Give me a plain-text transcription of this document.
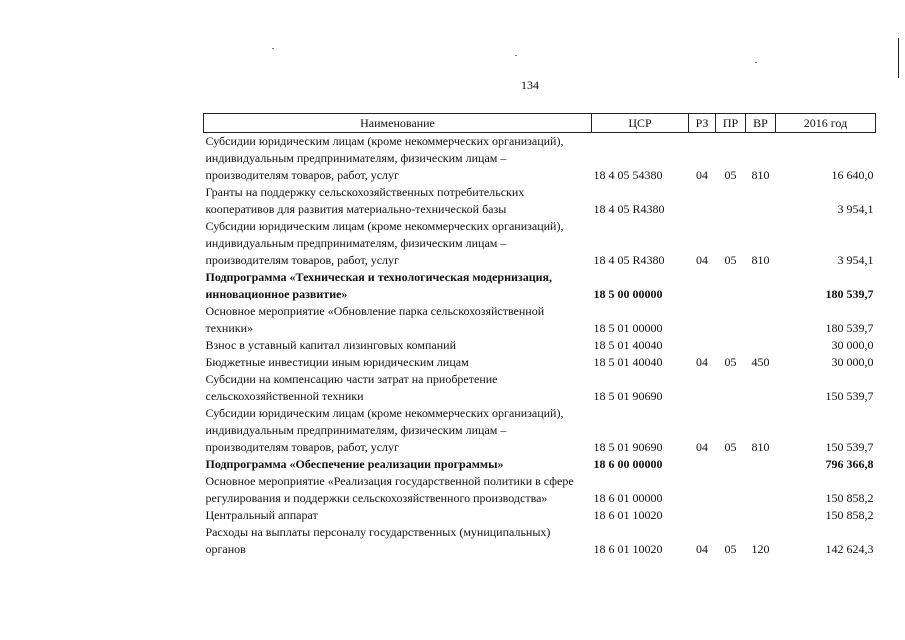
134
Наименование	ЦСР	РЗ	ПР	ВР	2016 год
Субсидии юридическим лицам (кроме некоммерческих организаций), индивидуальным предпринимателям, физическим лицам – производителям товаров, работ, услуг	18 4 05 54380	04	05	810	16 640,0
Гранты на поддержку сельскохозяйственных потребительских кооперативов для развития материально-технической базы	18 4 05 R4380				3 954,1
Субсидии юридическим лицам (кроме некоммерческих организаций), индивидуальным предпринимателям, физическим лицам – производителям товаров, работ, услуг	18 4 05 R4380	04	05	810	3 954,1
Подпрограмма «Техническая и технологическая модернизация, инновационное развитие»	18 5 00 00000				180 539,7
Основное мероприятие «Обновление парка сельскохозяйственной техники»	18 5 01 00000				180 539,7
Взнос в уставный капитал лизинговых компаний	18 5 01 40040				30 000,0
Бюджетные инвестиции иным юридическим лицам	18 5 01 40040	04	05	450	30 000,0
Субсидии на компенсацию части затрат на приобретение сельскохозяйственной техники	18 5 01 90690				150 539,7
Субсидии юридическим лицам (кроме некоммерческих организаций), индивидуальным предпринимателям, физическим лицам – производителям товаров, работ, услуг	18 5 01 90690	04	05	810	150 539,7
Подпрограмма «Обеспечение реализации программы»	18 6 00 00000				796 366,8
Основное мероприятие «Реализация государственной политики в сфере регулирования и поддержки сельскохозяйственного производства»	18 6 01 00000				150 858,2
Центральный аппарат	18 6 01 10020				150 858,2
Расходы на выплаты персоналу государственных (муниципальных) органов	18 6 01 10020	04	05	120	142 624,3
